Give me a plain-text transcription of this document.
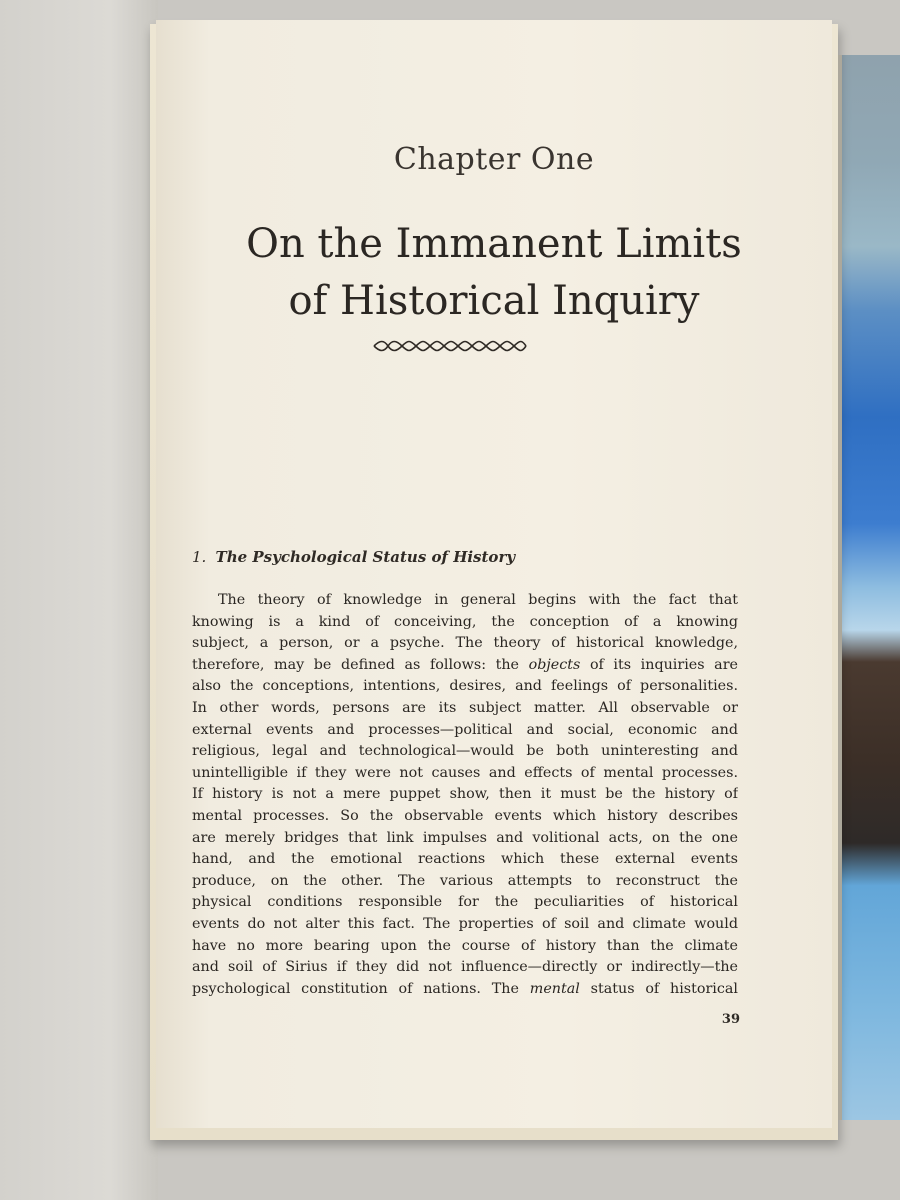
Chapter One
On the Immanent Limits
of Historical Inquiry
1. The Psychological Status of History
The theory of knowledge in general begins with the fact that
knowing is a kind of conceiving, the conception of a knowing
subject, a person, or a psyche. The theory of historical knowledge,
therefore, may be defined as follows: the objects of its inquiries are
also the conceptions, intentions, desires, and feelings of personalities.
In other words, persons are its subject matter. All observable or
external events and processes—political and social, economic and
religious, legal and technological—would be both uninteresting and
unintelligible if they were not causes and effects of mental processes.
If history is not a mere puppet show, then it must be the history of
mental processes. So the observable events which history describes
are merely bridges that link impulses and volitional acts, on the one
hand, and the emotional reactions which these external events
produce, on the other. The various attempts to reconstruct the
physical conditions responsible for the peculiarities of historical
events do not alter this fact. The properties of soil and climate would
have no more bearing upon the course of history than the climate
and soil of Sirius if they did not influence—directly or indirectly—the
psychological constitution of nations. The mental status of historical
39
